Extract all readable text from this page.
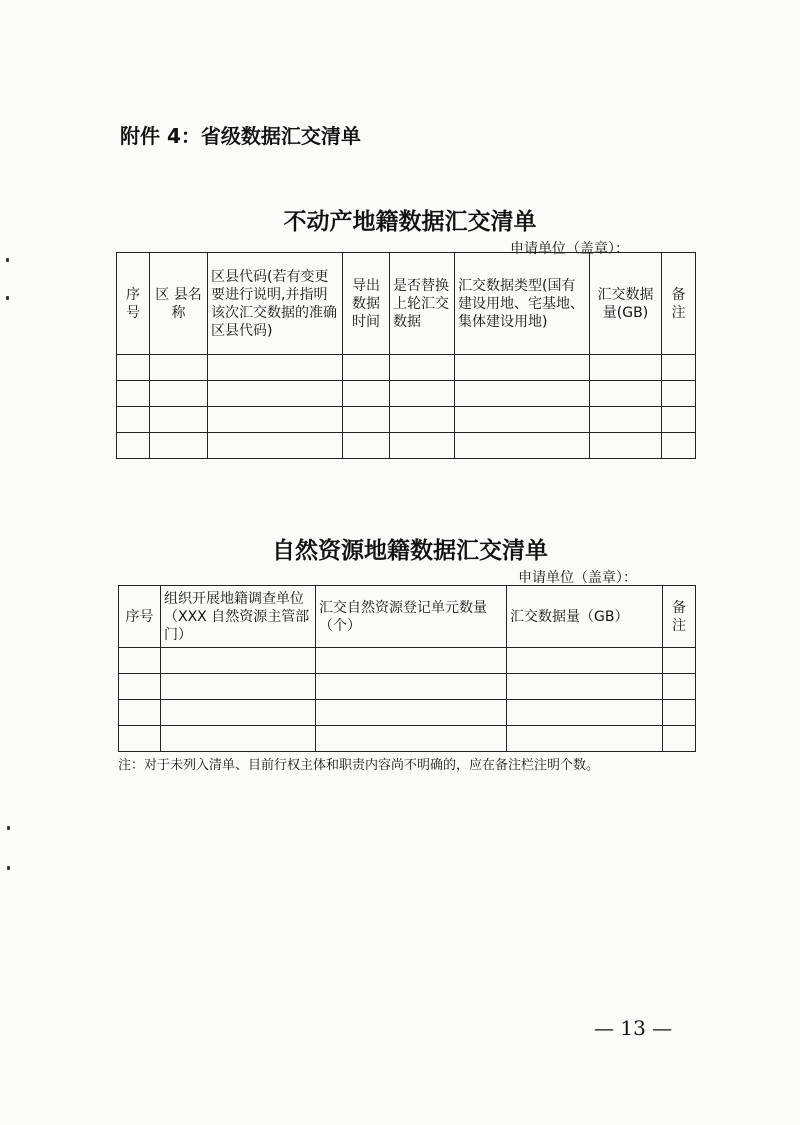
附件 4：省级数据汇交清单
不动产地籍数据汇交清单
申请单位（盖章）：
序号	区 县名称	区县代码(若有变更要进行说明,并指明该次汇交数据的准确区县代码)	导出数据时间	是否替换上轮汇交数据	汇交数据类型(国有建设用地、宅基地、集体建设用地)	汇交数据量(GB)	备注

自然资源地籍数据汇交清单
申请单位（盖章）：
序号	组织开展地籍调查单位（XXX 自然资源主管部门）	汇交自然资源登记单元数量（个）	汇交数据量（GB）	备注

注：对于未列入清单、目前行权主体和职责内容尚不明确的，应在备注栏注明个数。
— 13 —
